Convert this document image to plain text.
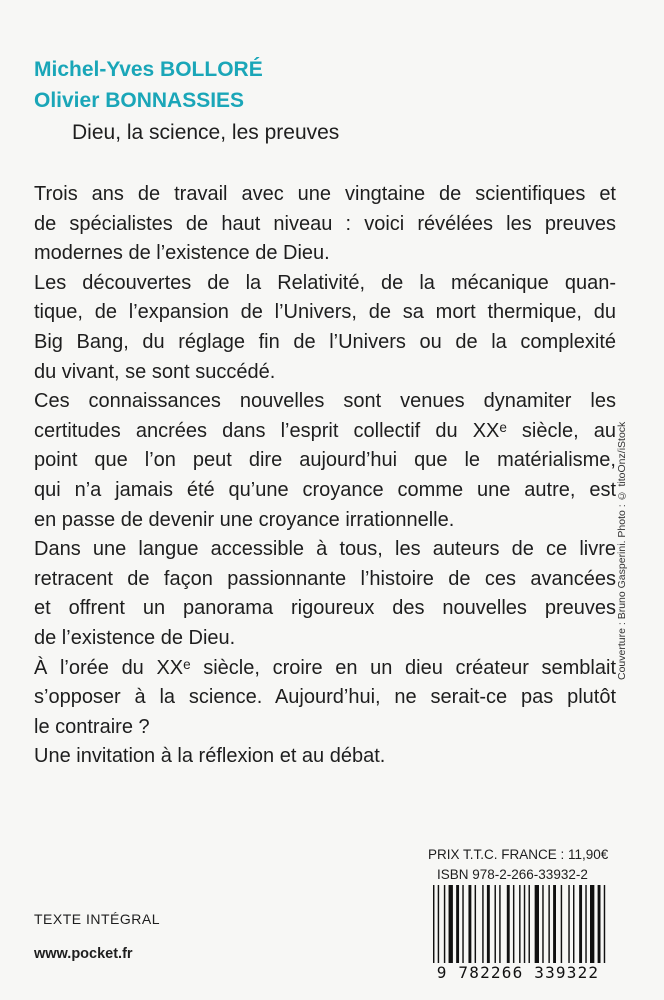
Michel-Yves BOLLORÉ
Olivier BONNASSIES
Dieu, la science, les preuves

Trois ans de travail avec une vingtaine de scientifiques et
de spécialistes de haut niveau : voici révélées les preuves
modernes de l’existence de Dieu.

Les découvertes de la Relativité, de la mécanique quan-
tique, de l’expansion de l’Univers, de sa mort thermique, du
Big Bang, du réglage fin de l’Univers ou de la complexité
du vivant, se sont succédé.

Ces connaissances nouvelles sont venues dynamiter les
certitudes ancrées dans l’esprit collectif du XXᵉ siècle, au
point que l’on peut dire aujourd’hui que le matérialisme,
qui n’a jamais été qu’une croyance comme une autre, est
en passe de devenir une croyance irrationnelle.

Dans une langue accessible à tous, les auteurs de ce livre
retracent de façon passionnante l’histoire de ces avancées
et offrent un panorama rigoureux des nouvelles preuves
de l’existence de Dieu.

À l’orée du XXᵉ siècle, croire en un dieu créateur semblait
s’opposer à la science. Aujourd’hui, ne serait-ce pas plutôt
le contraire ?

Une invitation à la réflexion et au débat.

Couverture : Bruno Gasperini. Photo : © titoOnz/iStock
PRIX T.T.C. FRANCE : 11,90€
ISBN 978-2-266-33932-2
9 782266 339322
TEXTE INTÉGRAL
www.pocket.fr
